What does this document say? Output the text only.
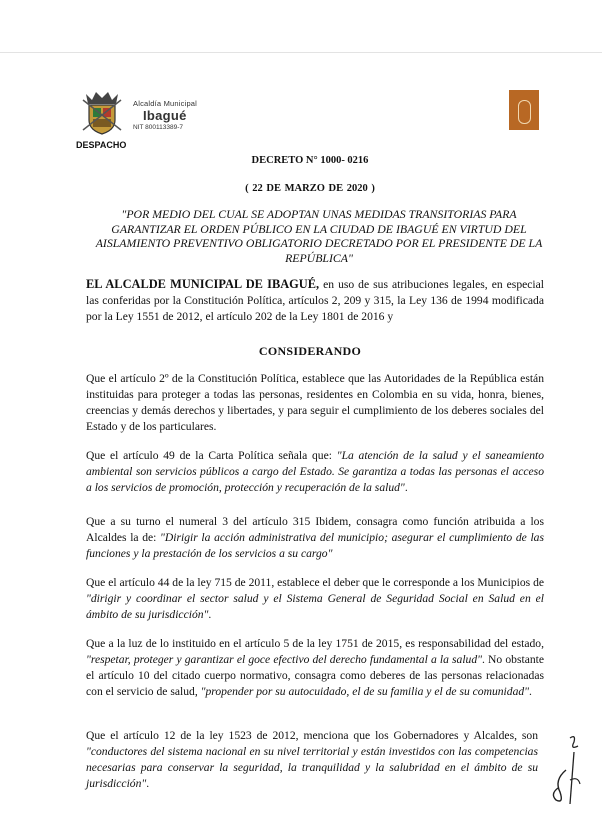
Alcaldía Municipal
Ibagué
NIT 800113389-7
DESPACHO
DECRETO N° 1000- 0216
( 22 DE MARZO DE 2020 )
"POR MEDIO DEL CUAL SE ADOPTAN UNAS MEDIDAS TRANSITORIAS PARA GARANTIZAR EL ORDEN PÚBLICO EN LA CIUDAD DE IBAGUÉ EN VIRTUD DEL AISLAMIENTO PREVENTIVO OBLIGATORIO DECRETADO POR EL PRESIDENTE DE LA REPÚBLICA"
EL ALCALDE MUNICIPAL DE IBAGUÉ, en uso de sus atribuciones legales, en especial las conferidas por la Constitución Política, artículos 2, 209 y 315, la Ley 136 de 1994 modificada por la Ley 1551 de 2012, el artículo 202 de la Ley 1801 de 2016 y
CONSIDERANDO
Que el artículo 2º de la Constitución Política, establece que las Autoridades de la República están instituidas para proteger a todas las personas, residentes en Colombia en su vida, honra, bienes, creencias y demás derechos y libertades, y para seguir el cumplimiento de los deberes sociales del Estado y de los particulares.
Que el artículo 49 de la Carta Política señala que: "La atención de la salud y el saneamiento ambiental son servicios públicos a cargo del Estado. Se garantiza a todas las personas el acceso a los servicios de promoción, protección y recuperación de la salud".
Que a su turno el numeral 3 del artículo 315 Ibidem, consagra como función atribuida a los Alcaldes la de: "Dirigir la acción administrativa del municipio; asegurar el cumplimiento de las funciones y la prestación de los servicios a su cargo"
Que el artículo 44 de la ley 715 de 2011, establece el deber que le corresponde a los Municipios de "dirigir y coordinar el sector salud y el Sistema General de Seguridad Social en Salud en el ámbito de su jurisdicción".
Que a la luz de lo instituido en el artículo 5 de la ley 1751 de 2015, es responsabilidad del estado, "respetar, proteger y garantizar el goce efectivo del derecho fundamental a la salud". No obstante el artículo 10 del citado cuerpo normativo, consagra como deberes de las personas relacionadas con el servicio de salud, "propender por su autocuidado, el de su familia y el de su comunidad".
Que el artículo 12 de la ley 1523 de 2012, menciona que los Gobernadores y Alcaldes, son "conductores del sistema nacional en su nivel territorial y están investidos con las competencias necesarias para conservar la seguridad, la tranquilidad y la salubridad en el ámbito de su jurisdicción".
